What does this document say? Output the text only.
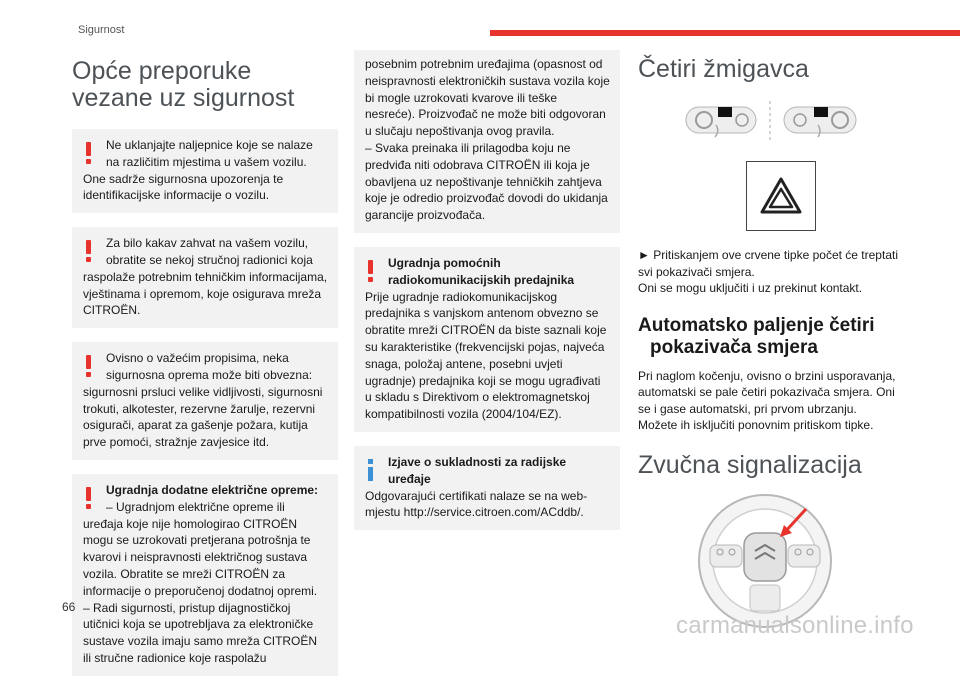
Sigurnost
Opće preporuke vezane uz sigurnost
Ne uklanjajte naljepnice koje se nalaze na različitim mjestima u vašem vozilu.
One sadrže sigurnosna upozorenja te identifikacijske informacije o vozilu.
Za bilo kakav zahvat na vašem vozilu, obratite se nekoj stručnoj radionici koja
raspolaže potrebnim tehničkim informacijama, vještinama i opremom, koje osigurava mreža CITROËN.
Ovisno o važećim propisima, neka sigurnosna oprema može biti obvezna:
sigurnosni prsluci velike vidljivosti, sigurnosni trokuti, alkotester, rezervne žarulje, rezervni osigurači, aparat za gašenje požara, kutija prve pomoći, stražnje zavjesice itd.
Ugradnja dodatne električne opreme:
– Ugradnjom električne opreme ili
uređaja koje nije homologirao CITROËN mogu se uzrokovati pretjerana potrošnja te kvarovi i neispravnosti električnog sustava vozila. Obratite se mreži CITROËN za informacije o preporučenoj dodatnoj opremi.
– Radi sigurnosti, pristup dijagnostičkoj utičnici koja se upotrebljava za elektroničke sustave vozila imaju samo mreža CITROËN ili stručne radionice koje raspolažu
posebnim potrebnim uređajima (opasnost od neispravnosti elektroničkih sustava vozila koje bi mogle uzrokovati kvarove ili teške nesreće). Proizvođač ne može biti odgovoran u slučaju nepoštivanja ovog pravila.
– Svaka preinaka ili prilagodba koju ne predviđa niti odobrava CITROËN ili koja je obavljena uz nepoštivanje tehničkih zahtjeva koje je odredio proizvođač dovodi do ukidanja garancije proizvođača.
Ugradnja pomoćnih radiokomunikacijskih predajnika
Prije ugradnje radiokomunikacijskog predajnika s vanjskom antenom obvezno se obratite mreži CITROËN da biste saznali koje su karakteristike (frekvencijski pojas, najveća snaga, položaj antene, posebni uvjeti ugradnje) predajnika koji se mogu ugrađivati u skladu s Direktivom o elektromagnetskoj kompatibilnosti vozila (2004/104/EZ).
Izjave o sukladnosti za radijske uređaje
Odgovarajući certifikati nalaze se na web-mjestu http://service.citroen.com/ACddb/.
Četiri žmigavca
► Pritiskanjem ove crvene tipke počet će treptati svi pokazivači smjera.
Oni se mogu uključiti i uz prekinut kontakt.
Automatsko paljenje četiri
pokazivača smjera
Pri naglom kočenju, ovisno o brzini usporavanja, automatski se pale četiri pokazivača smjera. Oni se i gase automatski, pri prvom ubrzanju.
Možete ih isključiti ponovnim pritiskom tipke.
Zvučna signalizacija
66
carmanualsonline.info
